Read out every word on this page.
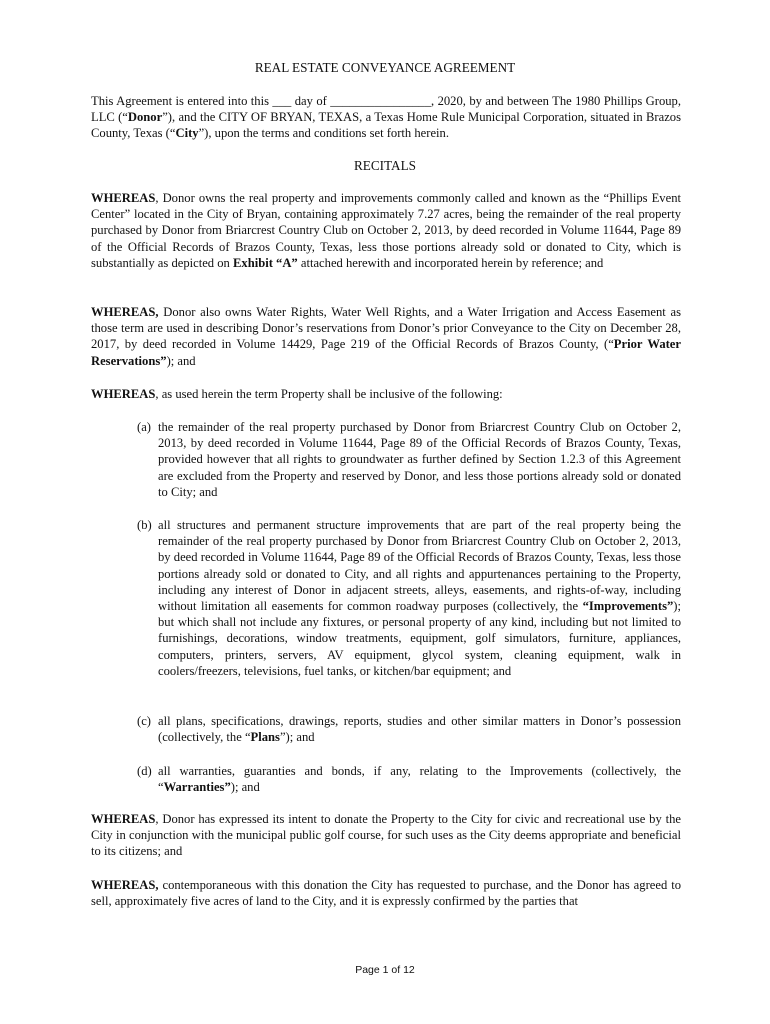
REAL ESTATE CONVEYANCE AGREEMENT
This Agreement is entered into this ___ day of ________________, 2020, by and between The 1980 Phillips Group, LLC (“Donor”), and the CITY OF BRYAN, TEXAS, a Texas Home Rule Municipal Corporation, situated in Brazos County, Texas (“City”), upon the terms and conditions set forth herein.
RECITALS
WHEREAS, Donor owns the real property and improvements commonly called and known as the “Phillips Event Center” located in the City of Bryan, containing approximately 7.27 acres, being the remainder of the real property purchased by Donor from Briarcrest Country Club on October 2, 2013, by deed recorded in Volume 11644, Page 89 of the Official Records of Brazos County, Texas, less those portions already sold or donated to City, which is substantially as depicted on Exhibit “A” attached herewith and incorporated herein by reference; and
WHEREAS, Donor also owns Water Rights, Water Well Rights, and a Water Irrigation and Access Easement as those term are used in describing Donor’s reservations from Donor’s prior Conveyance to the City on December 28, 2017, by deed recorded in Volume 14429, Page 219 of the Official Records of Brazos County, (“Prior Water Reservations”); and
WHEREAS, as used herein the term Property shall be inclusive of the following:
(a) the remainder of the real property purchased by Donor from Briarcrest Country Club on October 2, 2013, by deed recorded in Volume 11644, Page 89 of the Official Records of Brazos County, Texas, provided however that all rights to groundwater as further defined by Section 1.2.3 of this Agreement are excluded from the Property and reserved by Donor, and less those portions already sold or donated to City; and
(b) all structures and permanent structure improvements that are part of the real property being the remainder of the real property purchased by Donor from Briarcrest Country Club on October 2, 2013, by deed recorded in Volume 11644, Page 89 of the Official Records of Brazos County, Texas, less those portions already sold or donated to City, and all rights and appurtenances pertaining to the Property, including any interest of Donor in adjacent streets, alleys, easements, and rights-of-way, including without limitation all easements for common roadway purposes (collectively, the “Improvements”); but which shall not include any fixtures, or personal property of any kind, including but not limited to furnishings, decorations, window treatments, equipment, golf simulators, furniture, appliances, computers, printers, servers, AV equipment, glycol system, cleaning equipment, walk in coolers/freezers, televisions, fuel tanks, or kitchen/bar equipment; and
(c) all plans, specifications, drawings, reports, studies and other similar matters in Donor’s possession (collectively, the “Plans”); and
(d) all warranties, guaranties and bonds, if any, relating to the Improvements (collectively, the “Warranties”); and
WHEREAS, Donor has expressed its intent to donate the Property to the City for civic and recreational use by the City in conjunction with the municipal public golf course, for such uses as the City deems appropriate and beneficial to its citizens; and
WHEREAS, contemporaneous with this donation the City has requested to purchase, and the Donor has agreed to sell, approximately five acres of land to the City, and it is expressly confirmed by the parties that
Page 1 of 12
